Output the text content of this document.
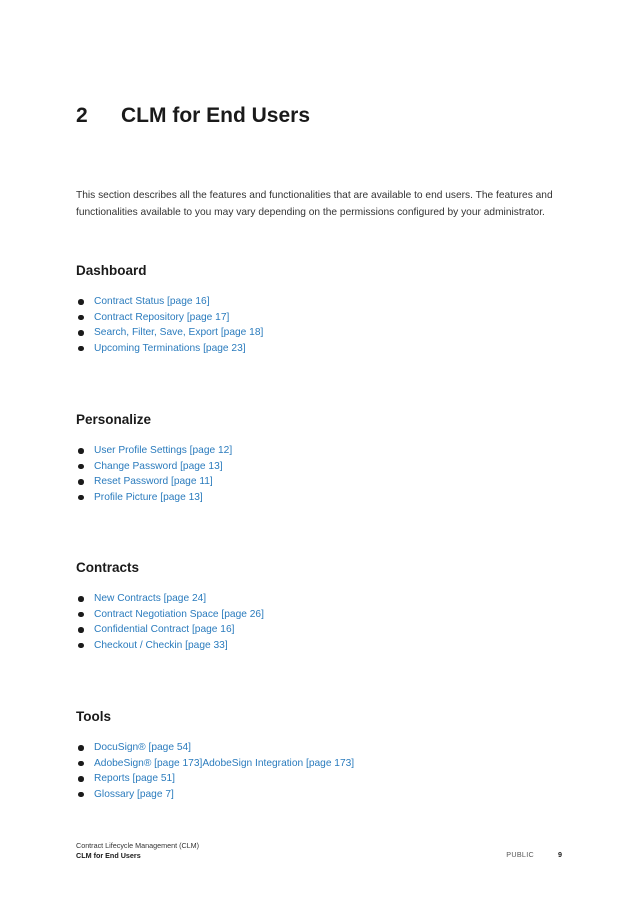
2	CLM for End Users

This section describes all the features and functionalities that are available to end users. The features and functionalities available to you may vary depending on the permissions configured by your administrator.

Dashboard
Contract Status [page 16]
Contract Repository [page 17]
Search, Filter, Save, Export [page 18]
Upcoming Terminations [page 23]
Personalize
User Profile Settings [page 12]
Change Password [page 13]
Reset Password [page 11]
Profile Picture [page 13]
Contracts
New Contracts [page 24]
Contract Negotiation Space [page 26]
Confidential Contract [page 16]
Checkout / Checkin [page 33]
Tools
DocuSign® [page 54]
AdobeSign® [page 173]AdobeSign Integration [page 173]
Reports [page 51]
Glossary [page 7]
Contract Lifecycle Management (CLM)
CLM for End Users	PUBLIC	9
